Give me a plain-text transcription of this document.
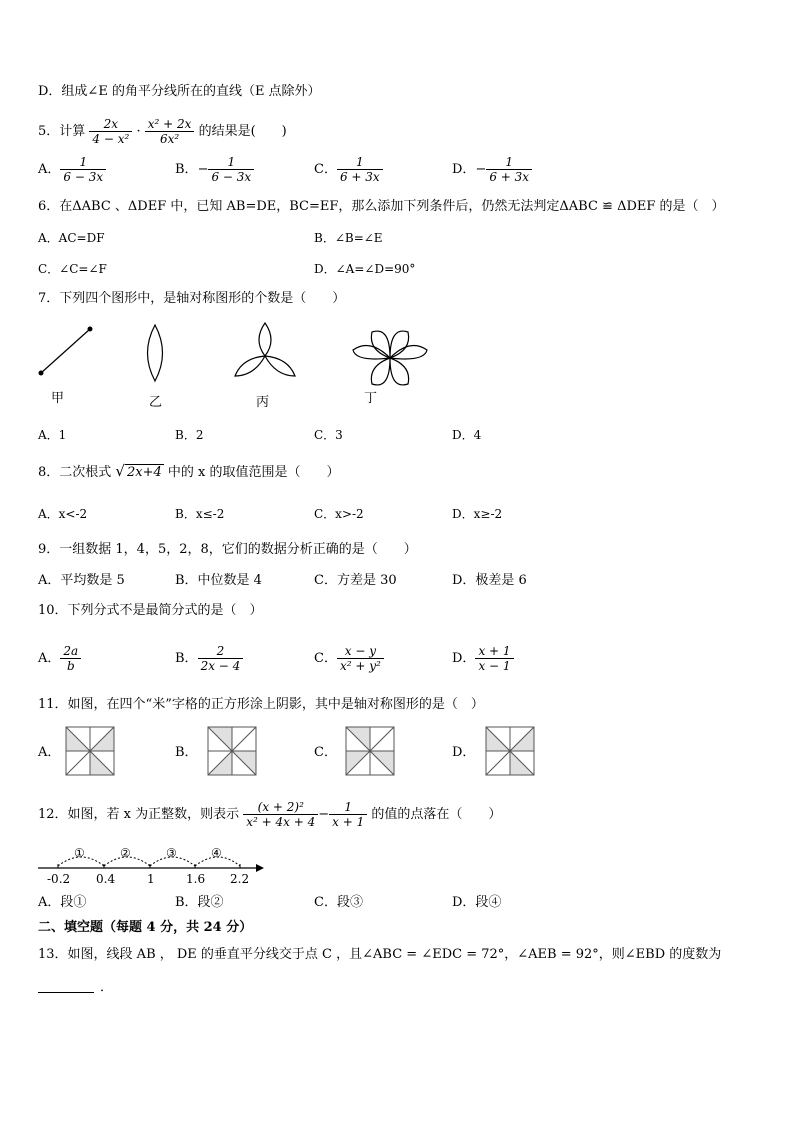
D．组成∠E 的角平分线所在的直线（E 点除外）
5．计算 $\frac{2x}{\text{4 − x²}} \cdot \frac{\text{x² + 2x}}{\text{6x²}}$ 的结果是(　　)
A． $\frac{1}{6 - 3x}$	B．− $\frac{1}{6 - 3x}$	C． $\frac{1}{6 + 3x}$	D．− $\frac{1}{6 + 3x}$
6．在ΔABC 、ΔDEF 中，已知 AB=DE，BC=EF，那么添加下列条件后，仍然无法判定ΔABC ≌ ΔDEF 的是（　）
A．AC=DF	B．∠B=∠E
C．∠C=∠F	D．∠A=∠D=90°
7．下列四个图形中，是轴对称图形的个数是（　　）
甲	乙	丙	丁
A．1	B．2	C．3	D．4
8．二次根式 √ 2x+4 中的 x 的取值范围是（　　）
A．x<-2	B．x≤-2	C．x>-2	D．x≥-2
9．一组数据 1，4，5，2，8，它们的数据分析正确的是（　　）
A．平均数是 5	B．中位数是 4	C．方差是 30	D．极差是 6
10．下列分式不是最简分式的是（　）
A． $\frac{2a}{b}$	B． $\frac{2}{2x - 4}$	C． $\frac{x - y}{\text{x² + y²}}$	D． $\frac{x + 1}{x - 1}$
11．如图，在四个“米”字格的正方形涂上阴影，其中是轴对称图形的是（　）
A．	B．	C．	D．
12．如图，若 x 为正整数，则表示 $\frac{\text{(x + 2)²}}{\text{x² + 4x + 4}} - \frac{1}{x + 1}$ 的值的点落在（　　）
①	②	③	④
-0.2 0.4	1	1.6 2.2
A．段①	B．段②	C．段③	D．段④
二、填空题（每题 4 分，共 24 分）
13．如图，线段 AB ， DE 的垂直平分线交于点 C ，且∠ABC = ∠EDC = 72°，∠AEB = 92°，则∠EBD 的度数为
．
